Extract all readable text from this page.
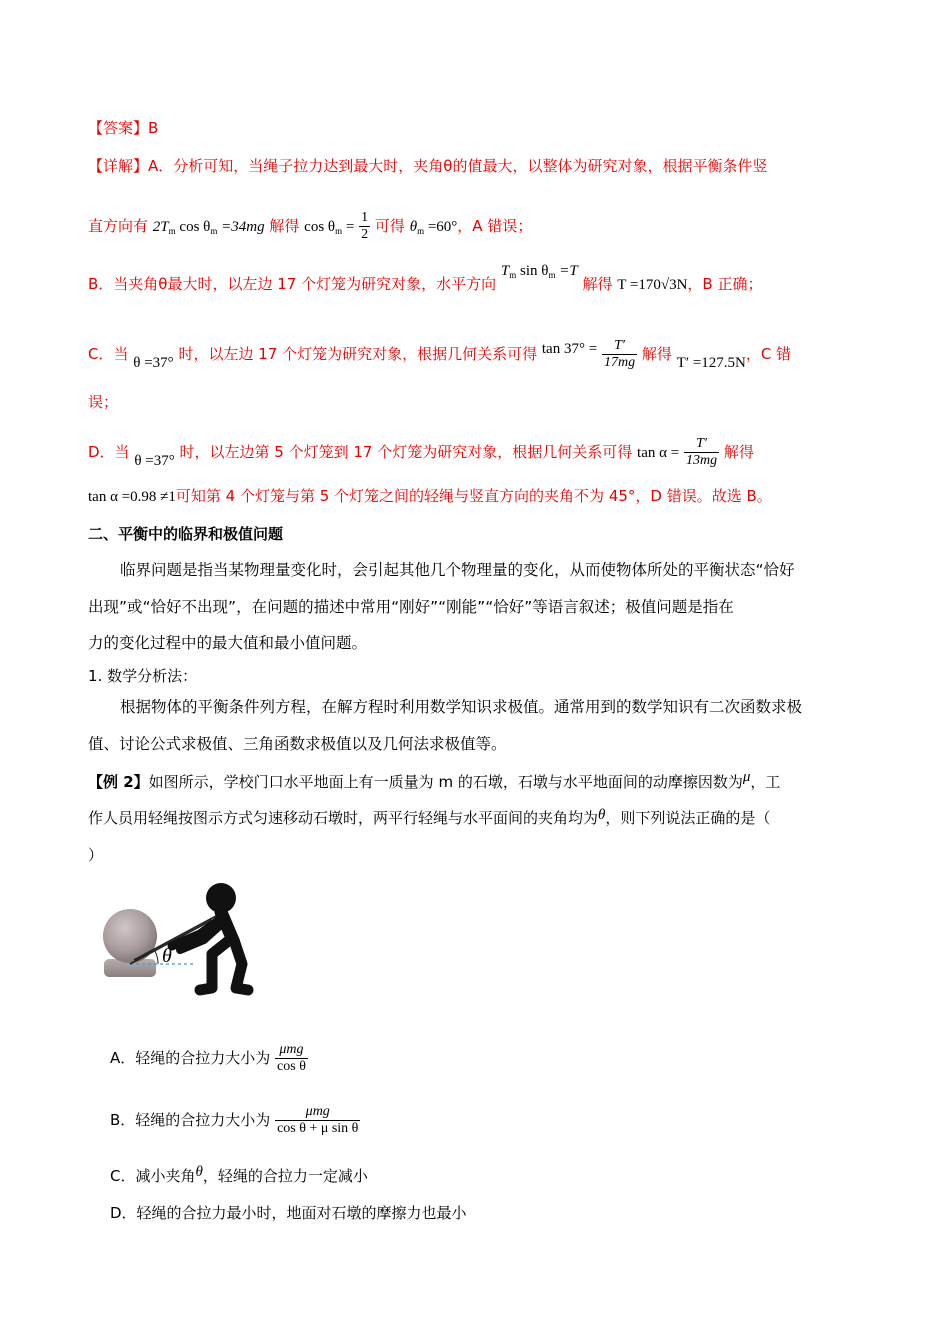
【答案】B
【详解】A．分析可知，当绳子拉力达到最大时，夹角θ的值最大，以整体为研究对象，根据平衡条件竖
直方向有 $2T_m$ $\cos \theta_m =34mg$ 解得 $\cos \theta_m = \frac{1}{2}$ 可得 $\theta_m =60^\circ$，A 错误；
B．当夹角θ最大时，以左边 17 个灯笼为研究对象，水平方向 $T_m$ $\sin \theta_m =T$ 解得 T =170√3N，B 正确；
C．当 θ =37° 时，以左边 17 个灯笼为研究对象，根据几何关系可得 $\tan 37^\circ = \frac{T'}{17mg}$ 解得 T′ =127.5N，C 错
误；
D．当 θ =37° 时，以左边第 5 个灯笼到 17 个灯笼为研究对象，根据几何关系可得 $\tan \alpha = \frac{T'}{13mg}$ 解得
tan α =0.98 ≠1可知第 4 个灯笼与第 5 个灯笼之间的轻绳与竖直方向的夹角不为 45°，D 错误。故选 B。
二、平衡中的临界和极值问题
临界问题是指当某物理量变化时，会引起其他几个物理量的变化，从而使物体所处的平衡状态“恰好
出现”或“恰好不出现”，在问题的描述中常用“刚好”“刚能”“恰好”等语言叙述；极值问题是指在
力的变化过程中的最大值和最小值问题。
1. 数学分析法：
根据物体的平衡条件列方程，在解方程时利用数学知识求极值。通常用到的数学知识有二次函数求极
值、讨论公式求极值、三角函数求极值以及几何法求极值等。
【例 2】如图所示，学校门口水平地面上有一质量为 m 的石墩，石墩与水平地面间的动摩擦因数为μ，工
作人员用轻绳按图示方式匀速移动石墩时，两平行轻绳与水平面间的夹角均为θ，则下列说法正确的是（
）
θ
A．轻绳的合拉力大小为 $\frac{\text{μmg}}{\text{cos θ}}$
B．轻绳的合拉力大小为 $\frac{\text{μmg}}{\text{cos θ + μ sin θ}}$
C．减小夹角θ，轻绳的合拉力一定减小
D．轻绳的合拉力最小时，地面对石墩的摩擦力也最小
